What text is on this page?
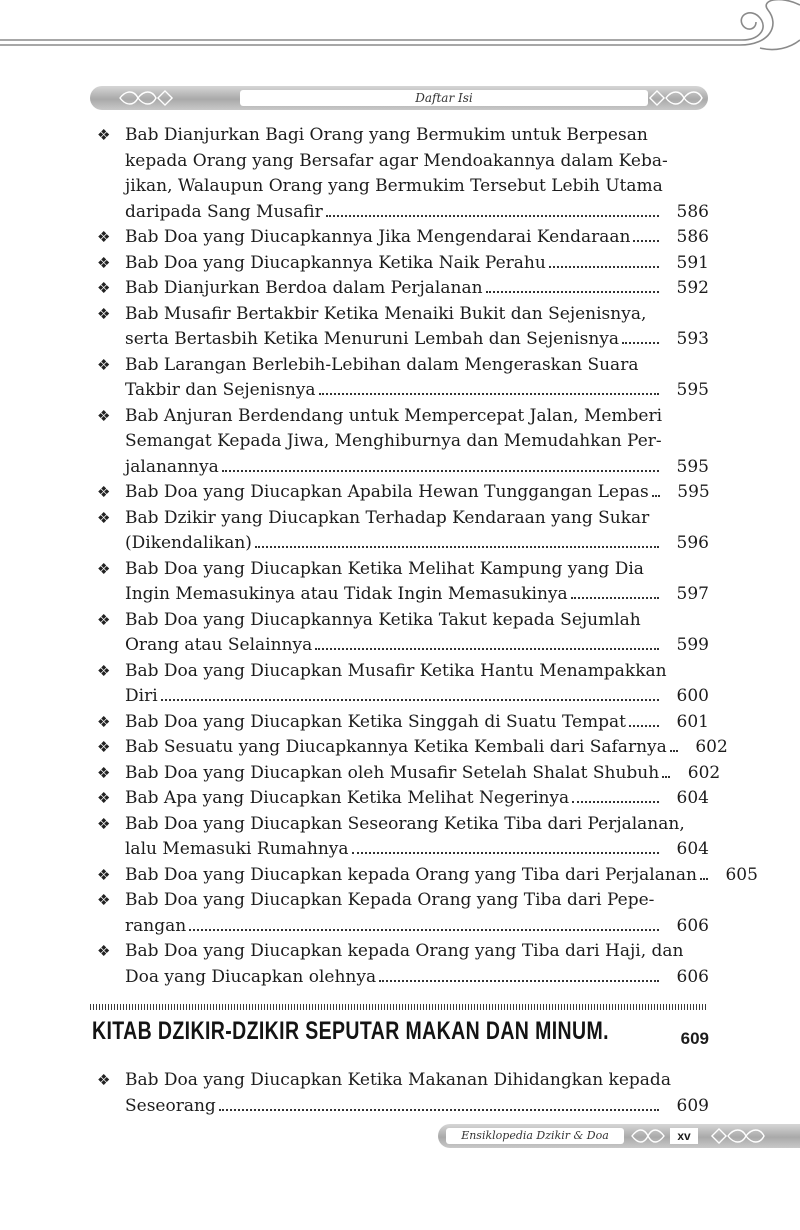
Daftar Isi
❖ Bab Dianjurkan Bagi Orang yang Bermukim untuk Berpesan
kepada Orang yang Bersafar agar Mendoakannya dalam Keba-
jikan, Walaupun Orang yang Bermukim Tersebut Lebih Utama
daripada Sang Musafir	586
❖ Bab Doa yang Diucapkannya Jika Mengendarai Kendaraan	586
❖ Bab Doa yang Diucapkannya Ketika Naik Perahu	591
❖ Bab Dianjurkan Berdoa dalam Perjalanan	592
❖ Bab Musafir Bertakbir Ketika Menaiki Bukit dan Sejenisnya,
serta Bertasbih Ketika Menuruni Lembah dan Sejenisnya	593
❖ Bab Larangan Berlebih-Lebihan dalam Mengeraskan Suara
Takbir dan Sejenisnya	595
❖ Bab Anjuran Berdendang untuk Mempercepat Jalan, Memberi
Semangat Kepada Jiwa, Menghiburnya dan Memudahkan Per-
jalanannya	595
❖ Bab Doa yang Diucapkan Apabila Hewan Tunggangan Lepas	595
❖ Bab Dzikir yang Diucapkan Terhadap Kendaraan yang Sukar
(Dikendalikan)	596
❖ Bab Doa yang Diucapkan Ketika Melihat Kampung yang Dia
Ingin Memasukinya atau Tidak Ingin Memasukinya	597
❖ Bab Doa yang Diucapkannya Ketika Takut kepada Sejumlah
Orang atau Selainnya	599
❖ Bab Doa yang Diucapkan Musafir Ketika Hantu Menampakkan
Diri	600
❖ Bab Doa yang Diucapkan Ketika Singgah di Suatu Tempat	601
❖ Bab Sesuatu yang Diucapkannya Ketika Kembali dari Safarnya	602
❖ Bab Doa yang Diucapkan oleh Musafir Setelah Shalat Shubuh	602
❖ Bab Apa yang Diucapkan Ketika Melihat Negerinya	604
❖ Bab Doa yang Diucapkan Seseorang Ketika Tiba dari Perjalanan,
lalu Memasuki Rumahnya	604
❖ Bab Doa yang Diucapkan kepada Orang yang Tiba dari Perjalanan	605
❖ Bab Doa yang Diucapkan Kepada Orang yang Tiba dari Pepe-
rangan	606
❖ Bab Doa yang Diucapkan kepada Orang yang Tiba dari Haji, dan
Doa yang Diucapkan olehnya	606
KITAB DZIKIR-DZIKIR SEPUTAR MAKAN DAN MINUM.	609
❖ Bab Doa yang Diucapkan Ketika Makanan Dihidangkan kepada
Seseorang	609
Ensiklopedia Dzikir & Doa	xv
